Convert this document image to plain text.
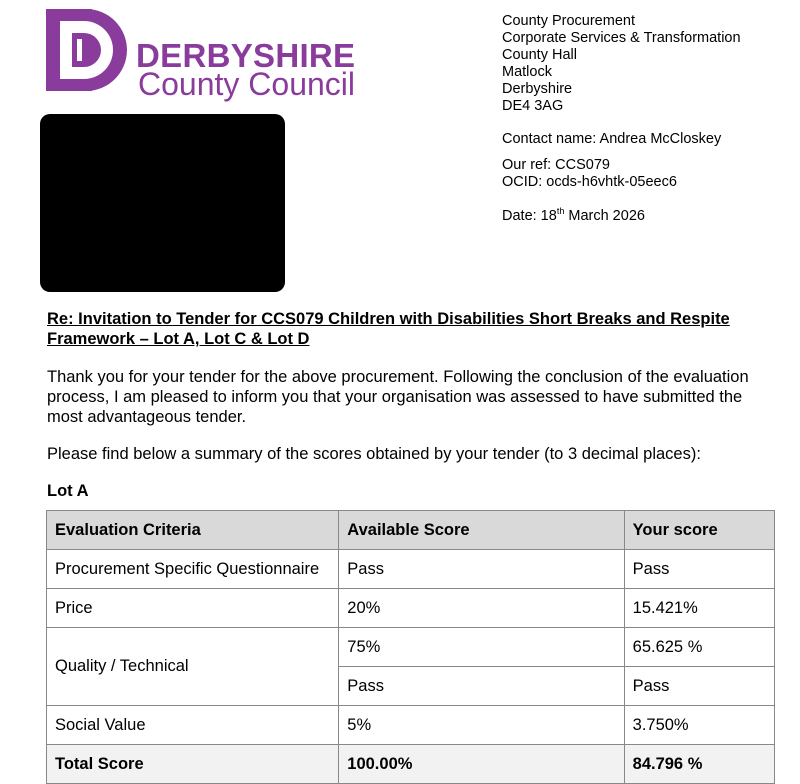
DERBYSHIRE
County Council
County Procurement
Corporate Services & Transformation
County Hall
Matlock
Derbyshire
DE4 3AG
Contact name: Andrea McCloskey
Our ref: CCS079
OCID: ocds-h6vhtk-05eec6
Date: 18th March 2026
Re: Invitation to Tender for CCS079 Children with Disabilities Short Breaks and Respite Framework – Lot A, Lot C & Lot D
Thank you for your tender for the above procurement. Following the conclusion of the evaluation process, I am pleased to inform you that your organisation was assessed to have submitted the most advantageous tender.
Please find below a summary of the scores obtained by your tender (to 3 decimal places):
Lot A
Evaluation Criteria	Available Score	Your score
Procurement Specific Questionnaire	Pass	Pass
Price	20%	15.421%
Quality / Technical	75%	65.625 %
	Pass	Pass
Social Value	5%	3.750%
Total Score	100.00%	84.796 %
